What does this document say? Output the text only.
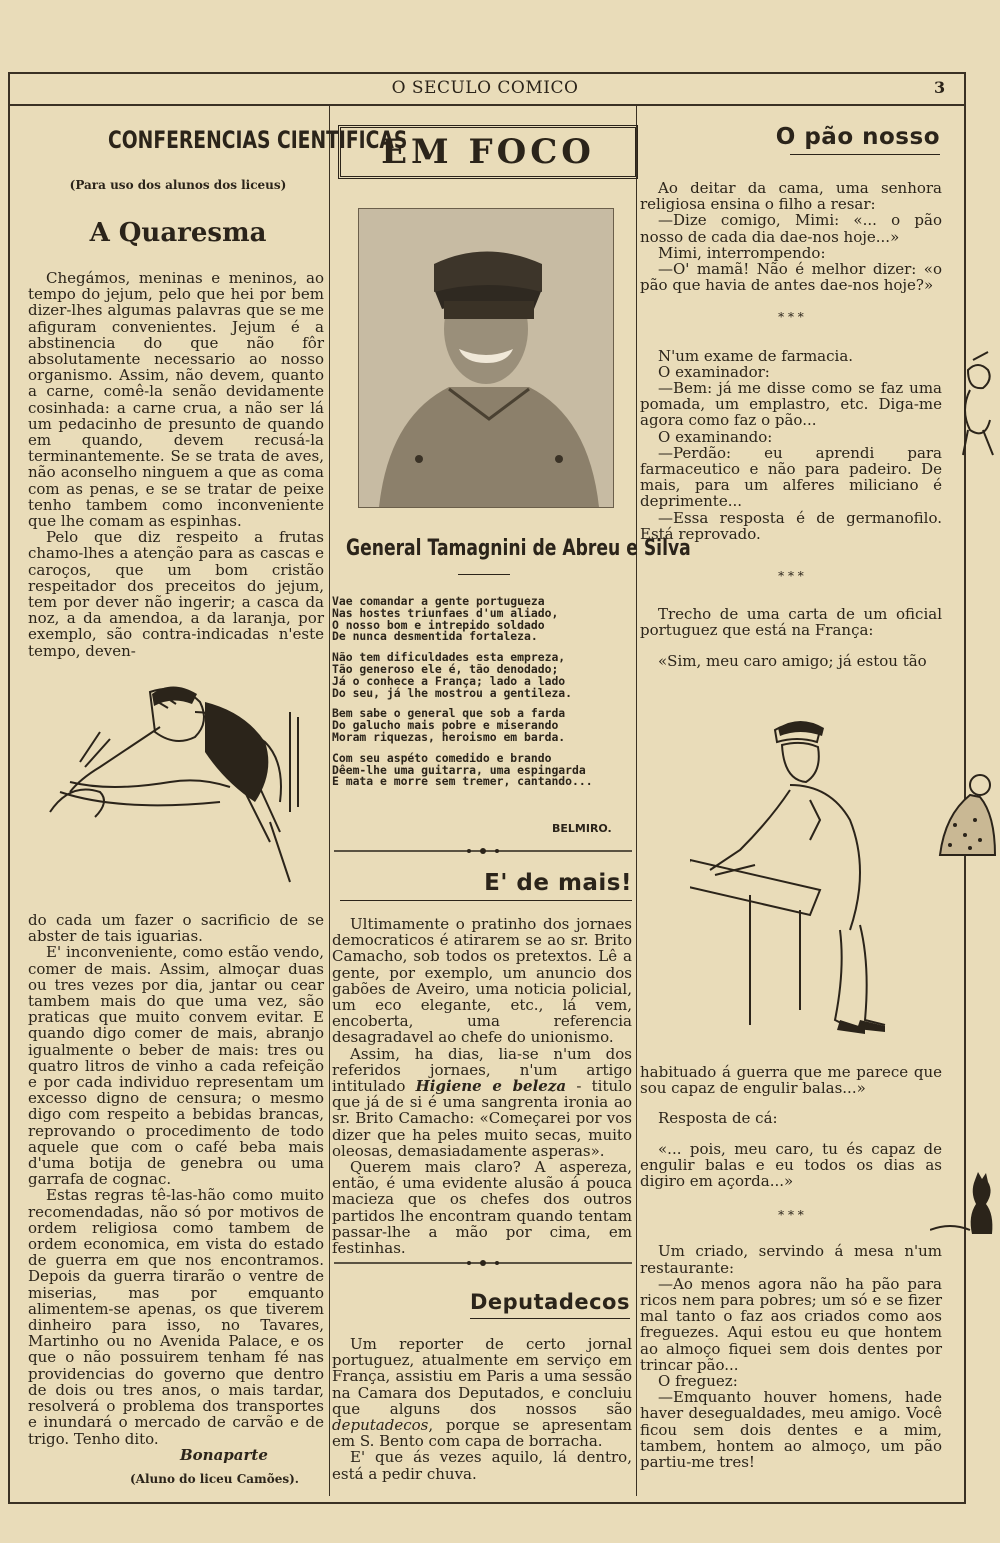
O SECULO COMICO	3
CONFERENCIAS CIENTIFICAS
(Para uso dos alunos dos liceus)
A Quaresma

Chegámos, meninas e meninos, ao tempo do jejum, pelo que hei por bem dizer-lhes algumas palavras que se me afiguram convenientes. Jejum é a abstinencia do que não fôr absolutamente necessario ao nosso organismo. Assim, não devem, quanto a carne, comê-la senão devidamente cosinhada: a carne crua, a não ser lá um pedacinho de presunto de quando em quando, devem recusá-la terminantemente. Se se trata de aves, não aconselho ninguem a que as coma com as penas, e se se tratar de peixe tenho tambem como inconveniente que lhe comam as espinhas.

Pelo que diz respeito a frutas chamo-lhes a atenção para as cascas e caroços, que um bom cristão respeitador dos preceitos do jejum, tem por dever não ingerir; a casca da noz, a da amendoa, a da laranja, por exemplo, são contra-indicadas n'este tempo, deven-

do cada um fazer o sacrificio de se abster de tais iguarias.

E' inconveniente, como estão vendo, comer de mais. Assim, almoçar duas ou tres vezes por dia, jantar ou cear tambem mais do que uma vez, são praticas que muito convem evitar. E quando digo comer de mais, abranjo igualmente o beber de mais: tres ou quatro litros de vinho a cada refeição e por cada individuo representam um excesso digno de censura; o mesmo digo com respeito a bebidas brancas, reprovando o procedimento de todo aquele que com o café beba mais d'uma botija de genebra ou uma garrafa de cognac.

Estas regras tê-las-hão como muito recomendadas, não só por motivos de ordem religiosa como tambem de ordem economica, em vista do estado de guerra em que nos encontramos. Depois da guerra tirarão o ventre de miserias, mas por emquanto alimentem-se apenas, os que tiverem dinheiro para isso, no Tavares, Martinho ou no Avenida Palace, e os que o não possuirem tenham fé nas providencias do governo que dentro de dois ou tres anos, o mais tardar, resolverá o problema dos transportes e inundará o mercado de carvão e de trigo. Tenho dito.

Bonaparte
(Aluno do liceu Camões).
EM FOCO
General Tamagnini de Abreu e Silva
Vae comandar a gente portugueza
Nas hostes triunfaes d'um aliado,
O nosso bom e intrepido soldado
De nunca desmentida fortaleza.
Não tem dificuldades esta empreza,
Tão generoso ele é, tão denodado;
Já o conhece a França; lado a lado
Do seu, já lhe mostrou a gentileza.
Bem sabe o general que sob a farda
Do galucho mais pobre e miserando
Moram riquezas, heroismo em barda.
Com seu aspéto comedido e brando
Dêem-lhe uma guitarra, uma espingarda
E mata e morre sem tremer, cantando...
BELMIRO.
E' de mais!

Ultimamente o pratinho dos jornaes democraticos é atirarem se ao sr. Brito Camacho, sob todos os pretextos. Lê a gente, por exemplo, um anuncio dos gabões de Aveiro, uma noticia policial, um eco elegante, etc., lá vem, encoberta, uma referencia desagradavel ao chefe do unionismo.

Assim, ha dias, lia-se n'um dos referidos jornaes, n'um artigo intitulado Higiene e beleza - titulo que já de si é uma sangrenta ironia ao sr. Brito Camacho: «Começarei por vos dizer que ha peles muito secas, muito oleosas, demasiadamente asperas».

Querem mais claro? A aspereza, então, é uma evidente alusão á pouca macieza que os chefes dos outros partidos lhe encontram quando tentam passar-lhe a mão por cima, em festinhas.

Deputadecos

Um reporter de certo jornal portuguez, atualmente em serviço em França, assistiu em Paris a uma sessão na Camara dos Deputados, e concluiu que alguns dos nossos são deputadecos, porque se apresentam em S. Bento com capa de borracha.

E' que ás vezes aquilo, lá dentro, está a pedir chuva.

O pão nosso

Ao deitar da cama, uma senhora religiosa ensina o filho a resar:

—Dize comigo, Mimi: «... o pão nosso de cada dia dae-nos hoje...»

Mimi, interrompendo:

—O' mamã! Não é melhor dizer: «o pão que havia de antes dae-nos hoje?»

* * *

N'um exame de farmacia.

O examinador:

—Bem: já me disse como se faz uma pomada, um emplastro, etc. Diga-me agora como faz o pão...

O examinando:

—Perdão: eu aprendi para farmaceutico e não para padeiro. De mais, para um alferes miliciano é deprimente...

—Essa resposta é de germanofilo. Está reprovado.

* * *

Trecho de uma carta de um oficial portuguez que está na França:

«Sim, meu caro amigo; já estou tão

habituado á guerra que me parece que sou capaz de engulir balas...»

Resposta de cá:

«... pois, meu caro, tu és capaz de engulir balas e eu todos os dias as digiro em açorda...»

* * *

Um criado, servindo á mesa n'um restaurante:

—Ao menos agora não ha pão para ricos nem para pobres; um só e se fizer mal tanto o faz aos criados como aos freguezes. Aqui estou eu que hontem ao almoço fiquei sem dois dentes por trincar pão...

O freguez:

—Emquanto houver homens, hade haver desegualdades, meu amigo. Você ficou sem dois dentes e a mim, tambem, hontem ao almoço, um pão partiu-me tres!
